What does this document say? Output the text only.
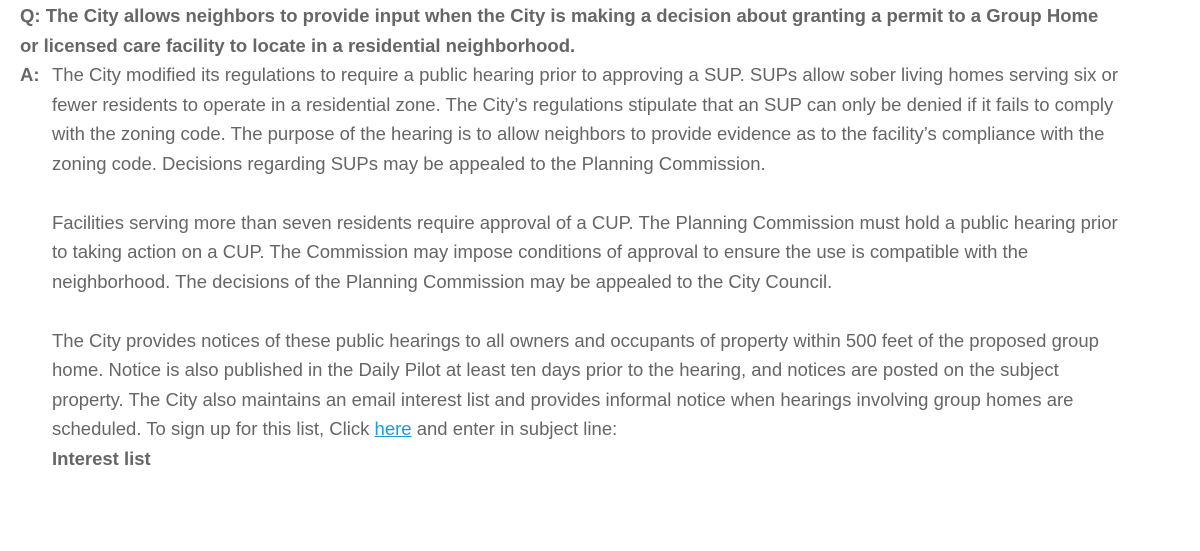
Q: The City allows neighbors to provide input when the City is making a decision about granting a permit to a Group Home or licensed care facility to locate in a residential neighborhood.

A: The City modified its regulations to require a public hearing prior to approving a SUP. SUPs allow sober living homes serving six or fewer residents to operate in a residential zone. The City’s regulations stipulate that an SUP can only be denied if it fails to comply with the zoning code. The purpose of the hearing is to allow neighbors to provide evidence as to the facility’s compliance with the zoning code. Decisions regarding SUPs may be appealed to the Planning Commission.

Facilities serving more than seven residents require approval of a CUP. The Planning Commission must hold a public hearing prior to taking action on a CUP. The Commission may impose conditions of approval to ensure the use is compatible with the neighborhood. The decisions of the Planning Commission may be appealed to the City Council.

The City provides notices of these public hearings to all owners and occupants of property within 500 feet of the proposed group home. Notice is also published in the Daily Pilot at least ten days prior to the hearing, and notices are posted on the subject property. The City also maintains an email interest list and provides informal notice when hearings involving group homes are scheduled. To sign up for this list, Click here and enter in subject line:
Interest list
